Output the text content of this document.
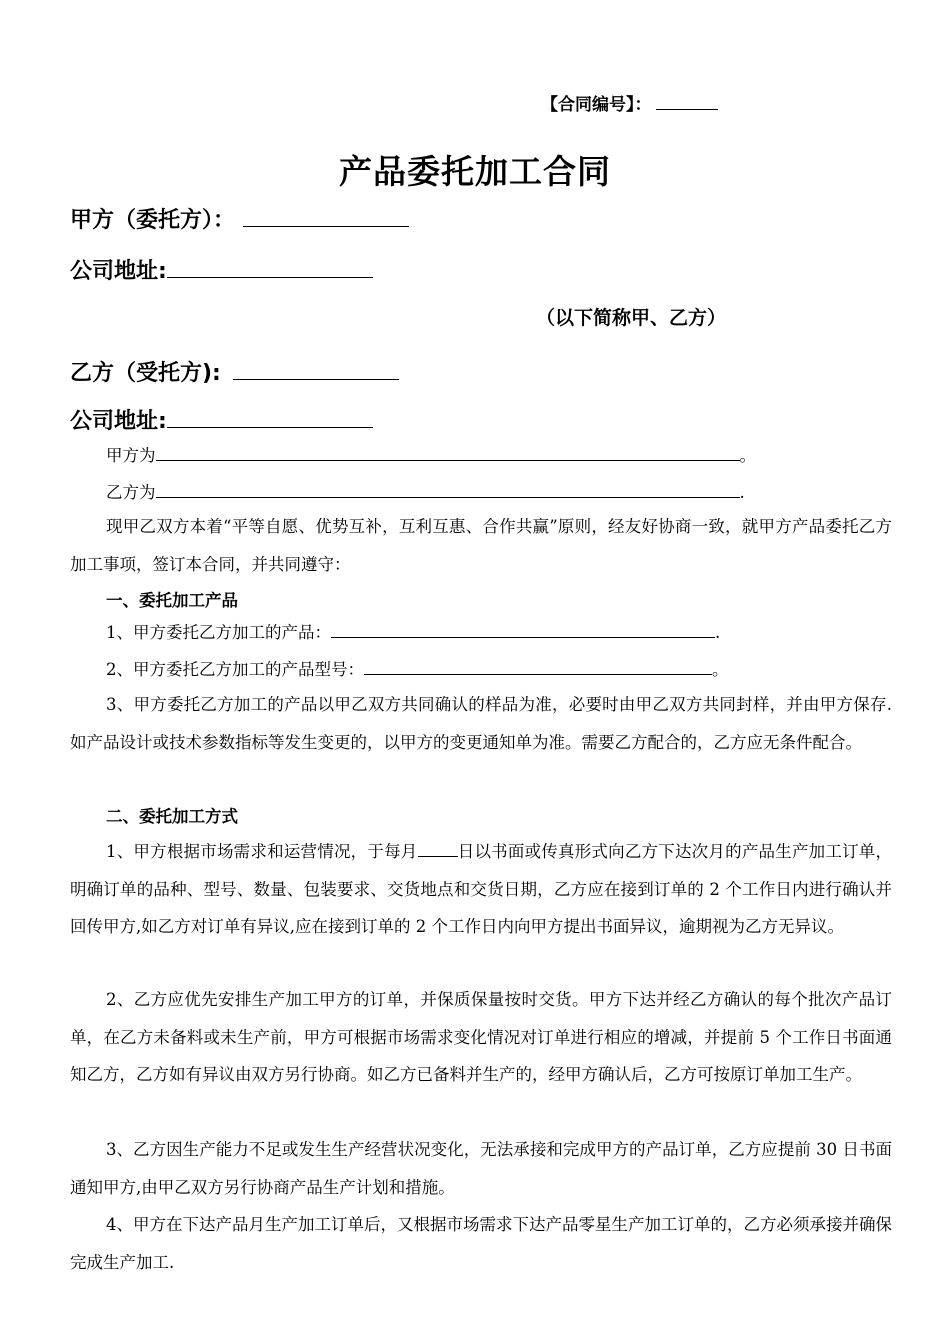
【合同编号】：
产品委托加工合同
甲方（委托方）：
公司地址:
（以下简称甲、乙方）
乙方（受托方):
公司地址:
甲方为	。
乙方为	.
现甲乙双方本着“平等自愿、优势互补，互利互惠、合作共赢”原则，经友好协商一致，就甲方产品委托乙方加工事项，签订本合同，并共同遵守：
一、委托加工产品
1、甲方委托乙方加工的产品：	.
2、甲方委托乙方加工的产品型号：	。
3、甲方委托乙方加工的产品以甲乙双方共同确认的样品为准，必要时由甲乙双方共同封样，并由甲方保存.如产品设计或技术参数指标等发生变更的，以甲方的变更通知单为准。需要乙方配合的，乙方应无条件配合。
二、委托加工方式
1、甲方根据市场需求和运营情况，于每月 日以书面或传真形式向乙方下达次月的产品生产加工订单，明确订单的品种、型号、数量、包装要求、交货地点和交货日期，乙方应在接到订单的 2 个工作日内进行确认并回传甲方,如乙方对订单有异议,应在接到订单的 2 个工作日内向甲方提出书面异议，逾期视为乙方无异议。
2、乙方应优先安排生产加工甲方的订单，并保质保量按时交货。甲方下达并经乙方确认的每个批次产品订单，在乙方未备料或未生产前，甲方可根据市场需求变化情况对订单进行相应的增减，并提前 5 个工作日书面通知乙方，乙方如有异议由双方另行协商。如乙方已备料并生产的，经甲方确认后，乙方可按原订单加工生产。
3、乙方因生产能力不足或发生生产经营状况变化，无法承接和完成甲方的产品订单，乙方应提前 30 日书面通知甲方,由甲乙双方另行协商产品生产计划和措施。
4、甲方在下达产品月生产加工订单后，又根据市场需求下达产品零星生产加工订单的，乙方必须承接并确保完成生产加工.
